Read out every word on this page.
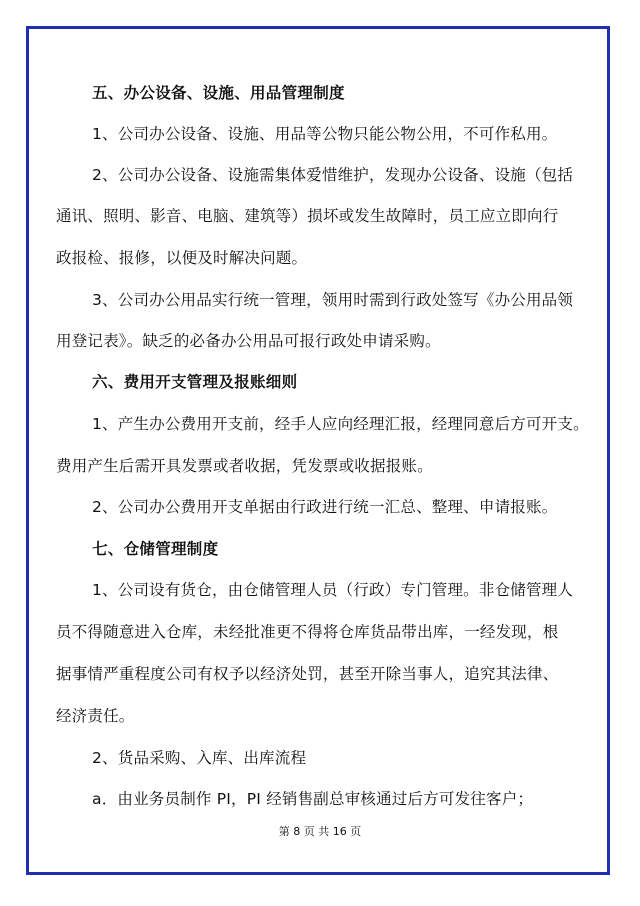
五、办公设备、设施、用品管理制度
1、公司办公设备、设施、用品等公物只能公物公用，不可作私用。
2、公司办公设备、设施需集体爱惜维护，发现办公设备、设施（包括
通讯、照明、影音、电脑、建筑等）损坏或发生故障时，员工应立即向行
政报检、报修，以便及时解决问题。
3、公司办公用品实行统一管理，领用时需到行政处签写《办公用品领
用登记表》。缺乏的必备办公用品可报行政处申请采购。
六、费用开支管理及报账细则
1、产生办公费用开支前，经手人应向经理汇报，经理同意后方可开支。
费用产生后需开具发票或者收据，凭发票或收据报账。
2、公司办公费用开支单据由行政进行统一汇总、整理、申请报账。
七、仓储管理制度
1、公司设有货仓，由仓储管理人员（行政）专门管理。非仓储管理人
员不得随意进入仓库，未经批准更不得将仓库货品带出库，一经发现，根
据事情严重程度公司有权予以经济处罚，甚至开除当事人，追究其法律、
经济责任。
2、货品采购、入库、出库流程
a．由业务员制作 PI，PI 经销售副总审核通过后方可发往客户；
第 8 页 共 16 页
